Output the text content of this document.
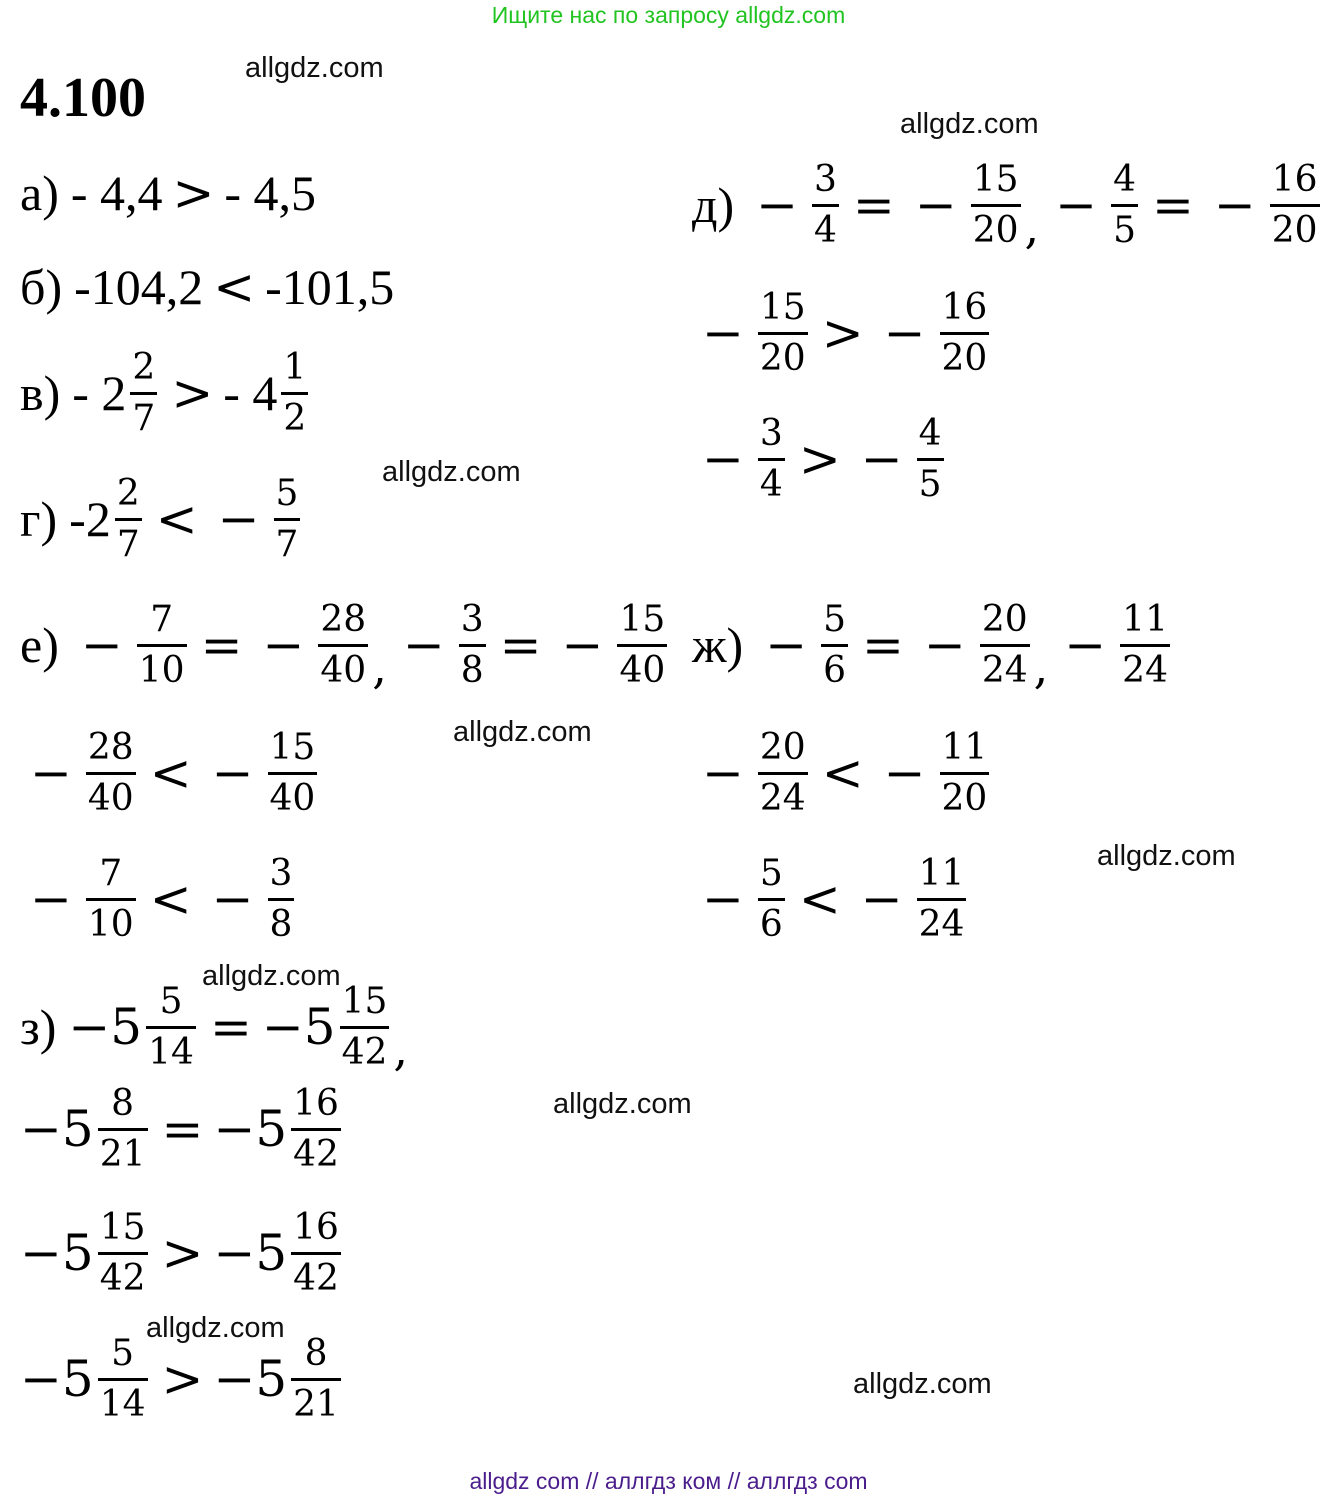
Ищите нас по запросу allgdz.com
allgdz com // аллгдз ком // аллгдз com
allgdz.com
allgdz.com
allgdz.com
allgdz.com
allgdz.com
allgdz.com
allgdz.com
allgdz.com
allgdz.com
4.100
а) - 4,4 > - 4,5
б) -104,2 < -101,5
$в) - 2 \frac{2}{7}$ > - $4 \frac{1}{2}$
г) $-2 \frac{2}{7}$ < − $\frac{5}{7}$
$д) - \frac{3}{4}$ = − $\frac{15}{20}$ , − $\frac{4}{5}$ = − $\frac{16}{20}$
− $\frac{15}{20}$ > − $\frac{16}{20}$
− $\frac{3}{4}$ > − $\frac{4}{5}$
$е) - \frac{7}{10}$ = − $\frac{28}{40}$ , − $\frac{3}{8}$ = − $\frac{15}{40}$
− $\frac{28}{40}$ < − $\frac{15}{40}$
− $\frac{7}{10}$ < − $\frac{3}{8}$
$ж) - \frac{5}{6}$ = − $\frac{20}{24}$ , − $\frac{11}{24}$
− $\frac{20}{24}$ < − $\frac{11}{20}$
− $\frac{5}{6}$ < − $\frac{11}{24}$
$з) -5 \frac{5}{14} = -5 \frac{15}{42}$ ,
$-5 \frac{8}{21} = -5 \frac{16}{42}$
$-5 \frac{15}{42} > -5 \frac{16}{42}$
$-5 \frac{5}{14} > -5 \frac{8}{21}$
